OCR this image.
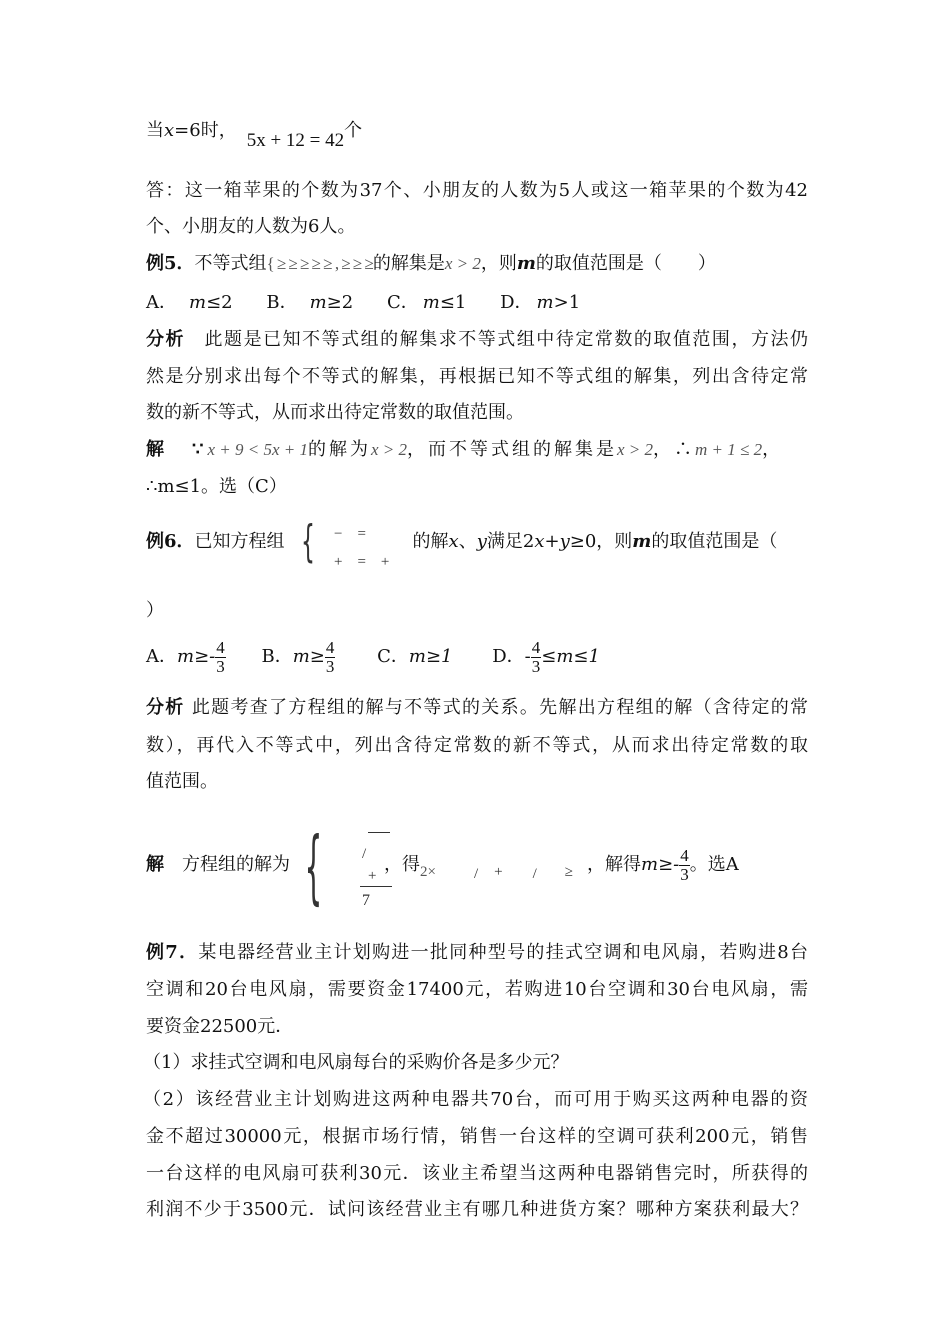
当x=6时， 5x + 12 = 42个
答：这一箱苹果的个数为37个、小朋友的人数为5人或这一箱苹果的个数为42
个、小朋友的人数为6人。
例5．不等式组{ ≥ ≥ ≥ ≥ ≥ , ≥ ≥ ≥的解集是x > 2，则m的取值范围是（　　）
A． m≤2 B． m≥2 C． m≤1 D． m>1
分析 此题是已知不等式组的解集求不等式组中待定常数的取值范围，方法仍
然是分别求出每个不等式的解集，再根据已知不等式组的解集，列出含待定常
数的新不等式，从而求出待定常数的取值范围。
解 ∵ x + 9 < 5x + 1的解为x > 2，而不等式组的解集是x > 2，∴m + 1 ≤ 2，
∴m≤1。选（C）
例6．已知方程组	的解x、y满足2x+y≥0，则m的取值范围是（
{ −　=
+　=　+
）
A．$m\ge- \frac{4}{3}$ B．$m\ge \frac{4}{3}$ C．m≥1 D．- $\frac{4}{3} \le m\le 1$
分析 此题考查了方程组的解与不等式的关系。先解出方程组的解（含待定的常
数），再代入不等式中，列出含待定常数的新不等式，从而求出待定常数的取
值范围。
{	/
+
7
解 方程组的解为	，得$_{2\times}$	$_/$ $_+$ $_/$ $_\ge$ ，解得$m\ge- \frac{4}{3}$ 。选A
例7．某电器经营业主计划购进一批同种型号的挂式空调和电风扇，若购进8台
空调和20台电风扇，需要资金17400元，若购进10台空调和30台电风扇，需
要资金22500元．
（1）求挂式空调和电风扇每台的采购价各是多少元？
（2）该经营业主计划购进这两种电器共70台，而可用于购买这两种电器的资
金不超过30000元，根据市场行情，销售一台这样的空调可获利200元，销售
一台这样的电风扇可获利30元．该业主希望当这两种电器销售完时，所获得的
利润不少于3500元．试问该经营业主有哪几种进货方案？哪种方案获利最大？
